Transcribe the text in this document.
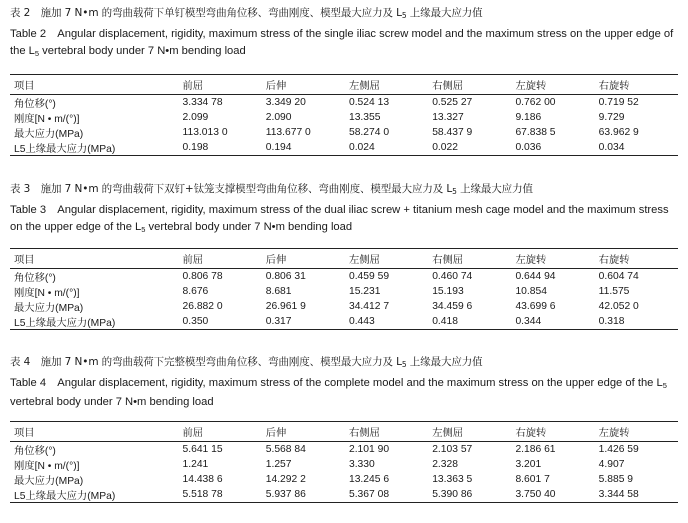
表 2　施加 7 N•m 的弯曲载荷下单钉模型弯曲角位移、弯曲刚度、模型最大应力及 $L_5$ 上缘最大应力值
Table 2　Angular displacement, rigidity, maximum stress of the single iliac screw model and the maximum stress on the upper edge of the $L_5$ vertebral body under 7 N•m bending load
项目	前屈	后伸	左侧屈	右侧屈	左旋转	右旋转
角位移(°)	3.334 78	3.349 20	0.524 13	0.525 27	0.762 00	0.719 52
刚度[N • m/(°)]	2.099	2.090	13.355	13.327	9.186	9.729
最大应力(MPa)	113.013 0	113.677 0	58.274 0	58.437 9	67.838 5	63.962 9
L5上缘最大应力(MPa)	0.198	0.194	0.024	0.022	0.036	0.034
表 3　施加 7 N•m 的弯曲载荷下双钉+钛笼支撑模型弯曲角位移、弯曲刚度、模型最大应力及 $L_5$ 上缘最大应力值
Table 3　Angular displacement, rigidity, maximum stress of the dual iliac screw + titanium mesh cage model and the maximum stress on the upper edge of the $L_5$ vertebral body under 7 N•m bending load
项目	前屈	后伸	左侧屈	右侧屈	左旋转	右旋转
角位移(°)	0.806 78	0.806 31	0.459 59	0.460 74	0.644 94	0.604 74
刚度[N • m/(°)]	8.676	8.681	15.231	15.193	10.854	11.575
最大应力(MPa)	26.882 0	26.961 9	34.412 7	34.459 6	43.699 6	42.052 0
L5上缘最大应力(MPa)	0.350	0.317	0.443	0.418	0.344	0.318
表 4　施加 7 N•m 的弯曲载荷下完整模型弯曲角位移、弯曲刚度、模型最大应力及 $L_5$ 上缘最大应力值
Table 4　Angular displacement, rigidity, maximum stress of the complete model and the maximum stress on the upper edge of the $L_5$ vertebral body under 7 N•m bending load
项目	前屈	后伸	右侧屈	左侧屈	右旋转	左旋转
角位移(°)	5.641 15	5.568 84	2.101 90	2.103 57	2.186 61	1.426 59
刚度[N • m/(°)]	1.241	1.257	3.330	2.328	3.201	4.907
最大应力(MPa)	14.438 6	14.292 2	13.245 6	13.363 5	8.601 7	5.885 9
L5上缘最大应力(MPa)	5.518 78	5.937 86	5.367 08	5.390 86	3.750 40	3.344 58
